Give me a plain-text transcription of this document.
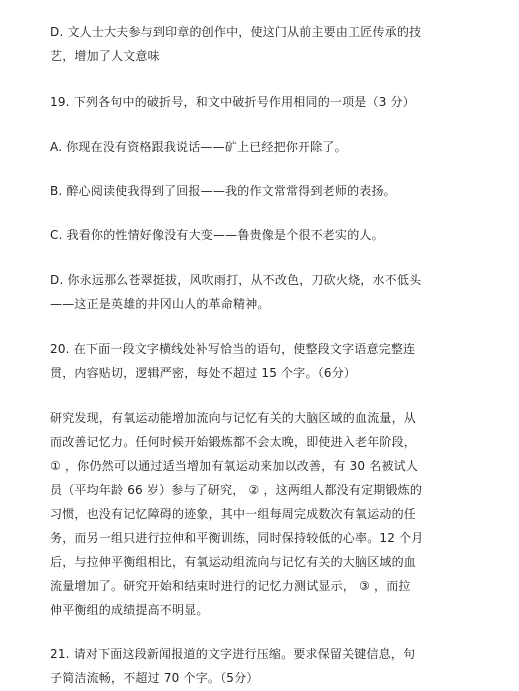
D. 文人士大夫参与到印章的创作中，使这门从前主要由工匠传承的技
艺，增加了人文意味
19. 下列各句中的破折号，和文中破折号作用相同的一项是（3 分）
A. 你现在没有资格跟我说话——矿上已经把你开除了。
B. 醉心阅读使我得到了回报——我的作文常常得到老师的表扬。
C. 我看你的性情好像没有大变——鲁贵像是个很不老实的人。
D. 你永远那么苍翠挺拔，风吹雨打，从不改色，刀砍火烧，水不低头
——这正是英雄的井冈山人的革命精神。
20. 在下面一段文字横线处补写恰当的语句，使整段文字语意完整连
贯，内容贴切，逻辑严密，每处不超过 15 个字。（6分）
研究发现，有氧运动能增加流向与记忆有关的大脑区域的血流量，从
而改善记忆力。任何时候开始锻炼都不会太晚，即使进入老年阶段，
① ，你仍然可以通过适当增加有氧运动来加以改善，有 30 名被试人
员（平均年龄 66 岁）参与了研究， ② ，这两组人都没有定期锻炼的
习惯，也没有记忆障碍的迹象，其中一组每周完成数次有氧运动的任
务，而另一组只进行拉伸和平衡训练，同时保持较低的心率。12 个月
后，与拉伸平衡组相比，有氧运动组流向与记忆有关的大脑区域的血
流量增加了。研究开始和结束时进行的记忆力测试显示， ③ ，而拉
伸平衡组的成绩提高不明显。
21. 请对下面这段新闻报道的文字进行压缩。要求保留关键信息，句
子简洁流畅，不超过 70 个字。（5分）
